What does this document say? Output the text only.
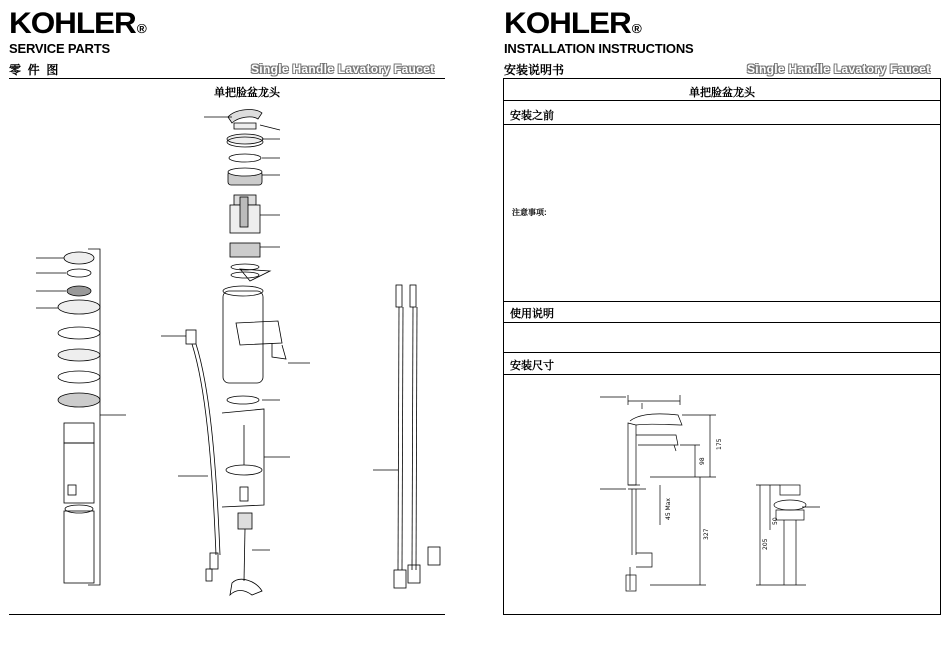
KOHLER®
SERVICE PARTS
零  件  图	Single Handle Lavatory Faucet
单把脸盆龙头
KOHLER®
INSTALLATION INSTRUCTIONS
安装说明书	Single Handle Lavatory Faucet
单把脸盆龙头
安装之前
注意事项:
使用说明
安装尺寸
175
98
45 Max
327
50
205
